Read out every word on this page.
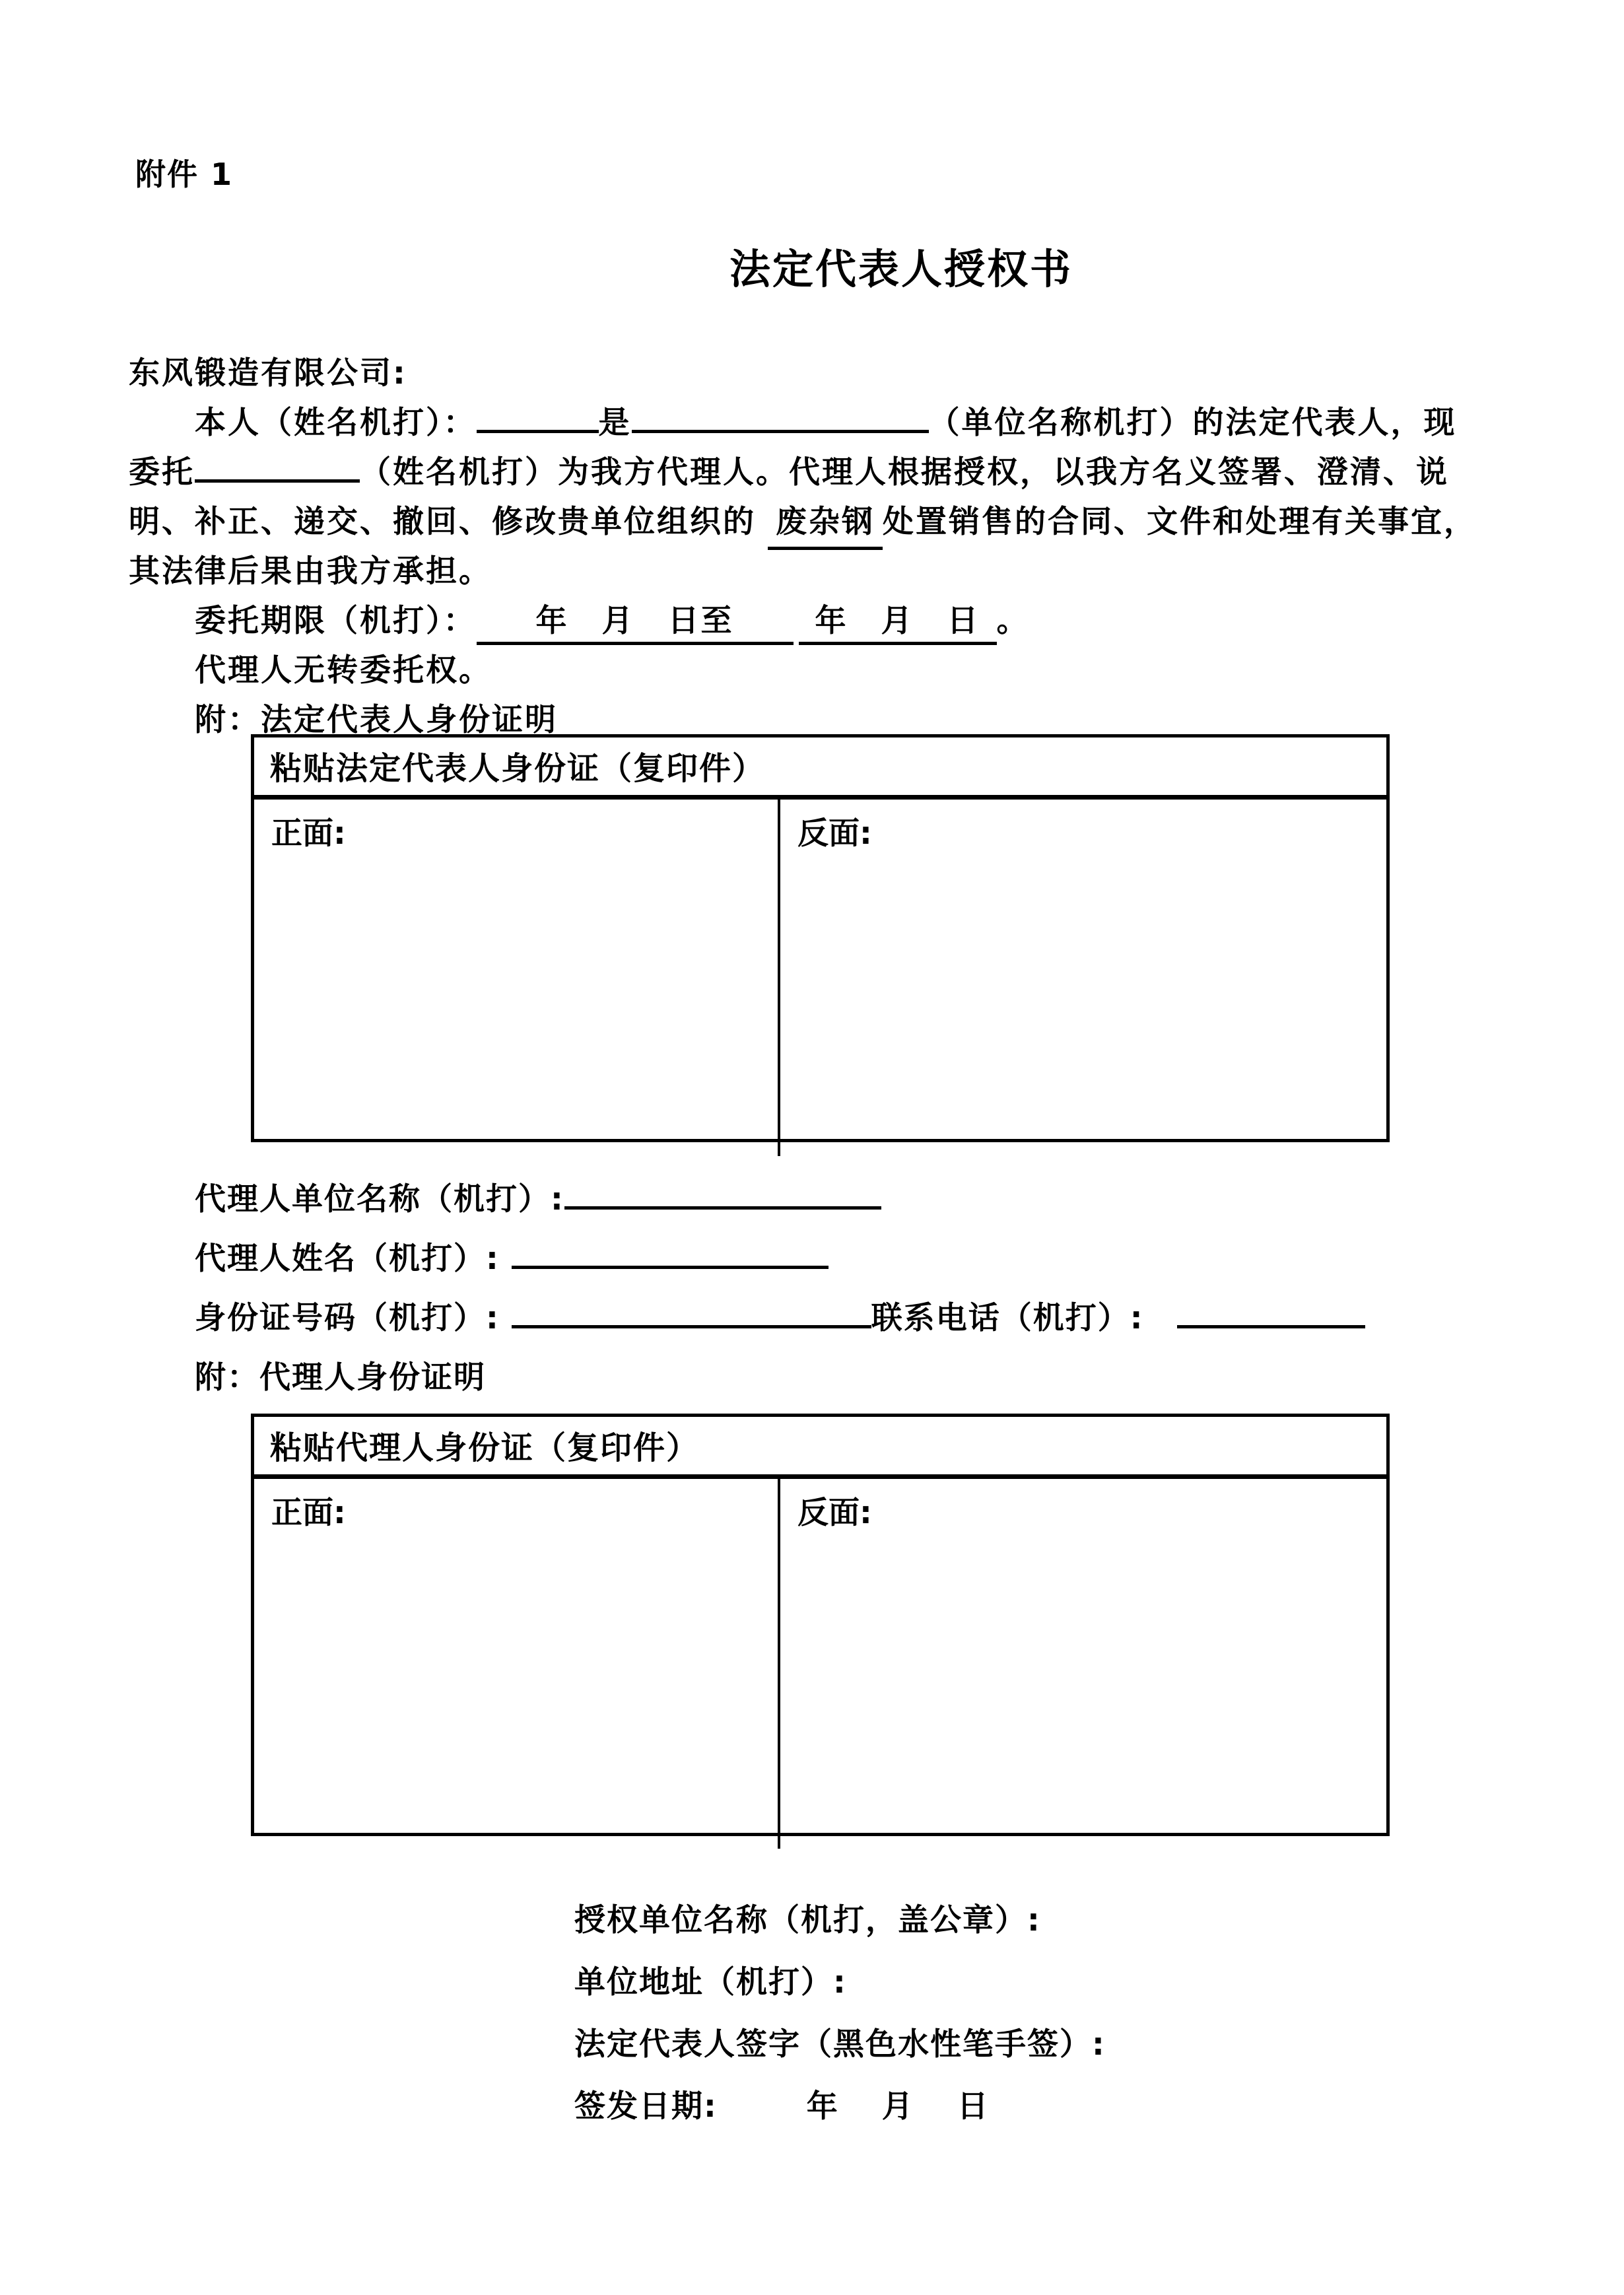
附件 1
法定代表人授权书
东风锻造有限公司:
本人（姓名机打）：	是	（单位名称机打）的法定代表人，现
委托	（姓名机打）为我方代理人。代理人根据授权，以我方名义签署、澄清、说
明、补正、递交、撤回、修改贵单位组织的 废杂钢 处置销售的合同、文件和处理有关事宜，
其法律后果由我方承担。
委托期限（机打）： 年　月　日至	年　月　日 。
代理人无转委托权。
附：法定代表人身份证明
粘贴法定代表人身份证（复印件）
正面:	反面:
代理人单位名称（机打）:
代理人姓名（机打）:
身份证号码（机打）:	联系电话（机打）:
附：代理人身份证明
粘贴代理人身份证（复印件）
正面:	反面:
授权单位名称（机打，盖公章）:
单位地址（机打）:
法定代表人签字（黑色水性笔手签）:
签发日期:	年　月　日
